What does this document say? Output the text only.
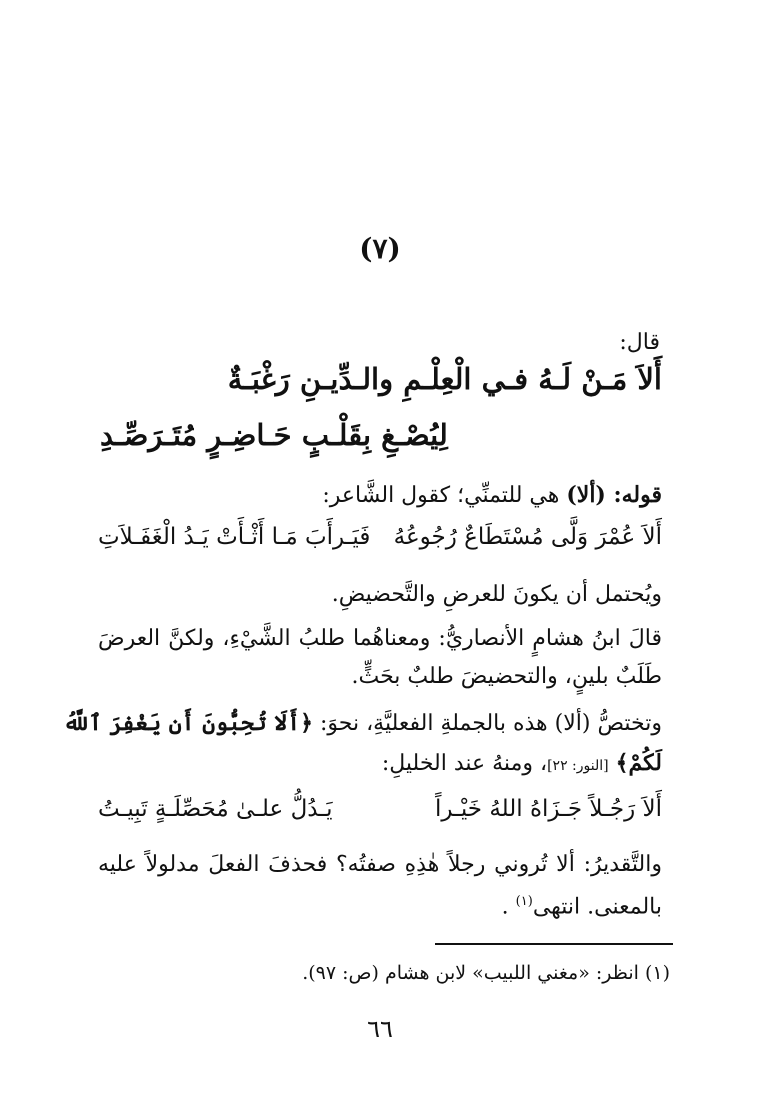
(٧)
قال:
أَلاَ مَـنْ لَـهُ فـي الْعِلْـمِ والـدِّيـنِ رَغْبَـةٌ
لِيُصْـغِ بِقَلْـبٍ حَـاضِـرٍ مُتَـرَصِّـدِ
قوله: (ألا) هي للتمنِّي؛ كقول الشَّاعر:
أَلاَ عُمْرَ وَلَّى مُسْتَطَاعٌ رُجُوعُهُ
فَيَـرأَبَ مَـا أَثْـأَتْ يَـدُ الْغَفَـلاَتِ
ويُحتمل أن يكونَ للعرضِ والتَّحضيضِ.
قالَ ابنُ هشامٍ الأنصاريُّ: ومعناهُما طلبُ الشَّيْءِ، ولكنَّ العرضَ
طَلَبٌ بلينٍ، والتحضيضَ طلبٌ بحَثٍّ.
وتختصُّ (ألا) هذه بالجملةِ الفعليَّةِ، نحوَ: ﴿أَلَا تُحِبُّونَ أَن يَغْفِرَ ٱللَّهُ
لَكُمْ﴾ [النور: ٢٢]، ومنهُ عند الخليلِ:
أَلاَ رَجُـلاً جَـزَاهُ اللهُ خَيْـراً
يَـدُلُّ علـىٰ مُحَصِّلَـةٍ تَبِيـتُ
والتَّقديرُ: ألا تُروني رجلاً هٰذِهِ صفتُه؟ فحذفَ الفعلَ مدلولاً عليه
بالمعنى. انتهى$^{(١)}$ .
(١) انظر: «مغني اللبيب» لابن هشام (ص: ٩٧).
٦٦
